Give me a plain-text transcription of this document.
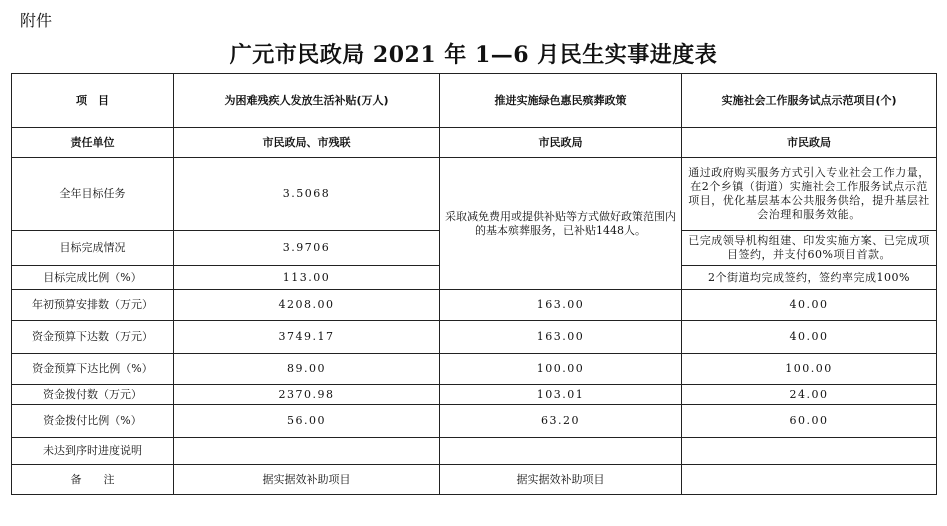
附件
广元市民政局 2021 年 1—6 月民生实事进度表
项　目	为困难残疾人发放生活补贴(万人)	推进实施绿色惠民殡葬政策	实施社会工作服务试点示范项目(个)
责任单位	市民政局、市残联	市民政局	市民政局
全年目标任务	3.5068	采取减免费用或提供补贴等方式做好政策范围内的基本殡葬服务，已补贴1448人。	通过政府购买服务方式引入专业社会工作力量，在2个乡镇（街道）实施社会工作服务试点示范项目，优化基层基本公共服务供给，提升基层社会治理和服务效能。
目标完成情况	3.9706		已完成领导机构组建、印发实施方案、已完成项目签约，并支付60%项目首款。
目标完成比例（%）	113.00		2个街道均完成签约，签约率完成100%
年初预算安排数（万元）	4208.00	163.00	40.00
资金预算下达数（万元）	3749.17	163.00	40.00
资金预算下达比例（%）	89.00	100.00	100.00
资金拨付数（万元）	2370.98	103.01	24.00
资金拨付比例（%）	56.00	63.20	60.00
未达到序时进度说明			
备　　注	据实据效补助项目	据实据效补助项目	
